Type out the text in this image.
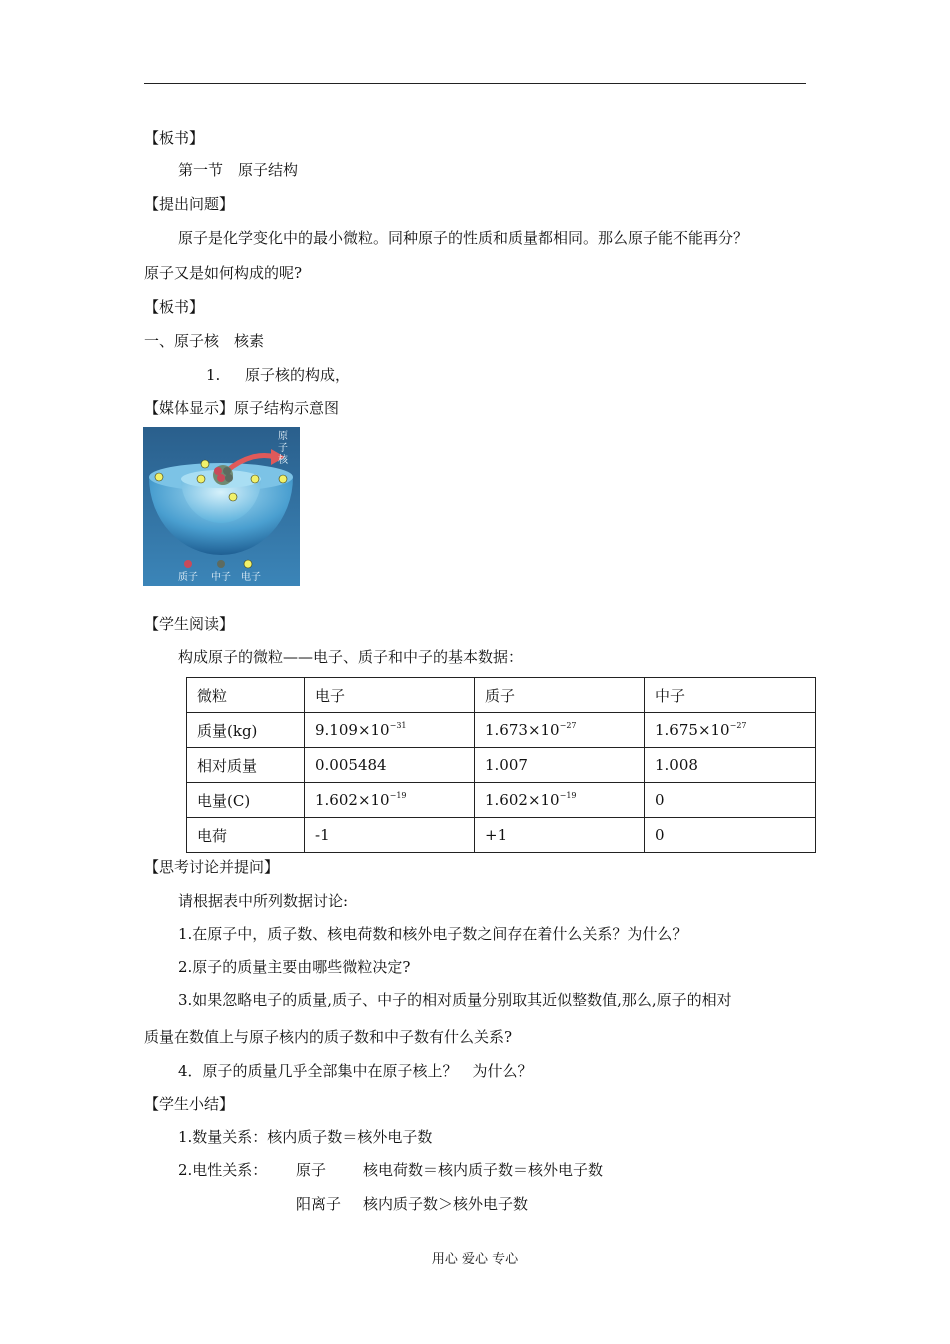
【板书】
第一节　原子结构
【提出问题】
原子是化学变化中的最小微粒。同种原子的性质和质量都相同。那么原子能不能再分？
原子又是如何构成的呢?
【板书】
一、原子核　核素
1. 原子核的构成，
【媒体显示】原子结构示意图
原
子
核
质子 中子 电子
【学生阅读】
构成原子的微粒——电子、质子和中子的基本数据：
微粒	电子	质子	中子
质量(kg)	$9.109\times 10^{-31}$	$1.673\times 10^{-27}$	$1.675\times 10^{-27}$
相对质量	0.005484	1.007	1.008
电量(C)	$1.602\times 10^{-19}$	$1.602\times 10^{-19}$	0
电荷	-1	+1	0
【思考讨论并提问】
请根据表中所列数据讨论:
1.在原子中，质子数、核电荷数和核外电子数之间存在着什么关系？为什么？
2.原子的质量主要由哪些微粒决定?
3.如果忽略电子的质量,质子、中子的相对质量分别取其近似整数值,那么,原子的相对
质量在数值上与原子核内的质子数和中子数有什么关系?
4．原子的质量几乎全部集中在原子核上？　为什么？
【学生小结】
1.数量关系：核内质子数＝核外电子数
2.电性关系： 原子 核电荷数＝核内质子数＝核外电子数
阳离子 核内质子数＞核外电子数
用心 爱心 专心
